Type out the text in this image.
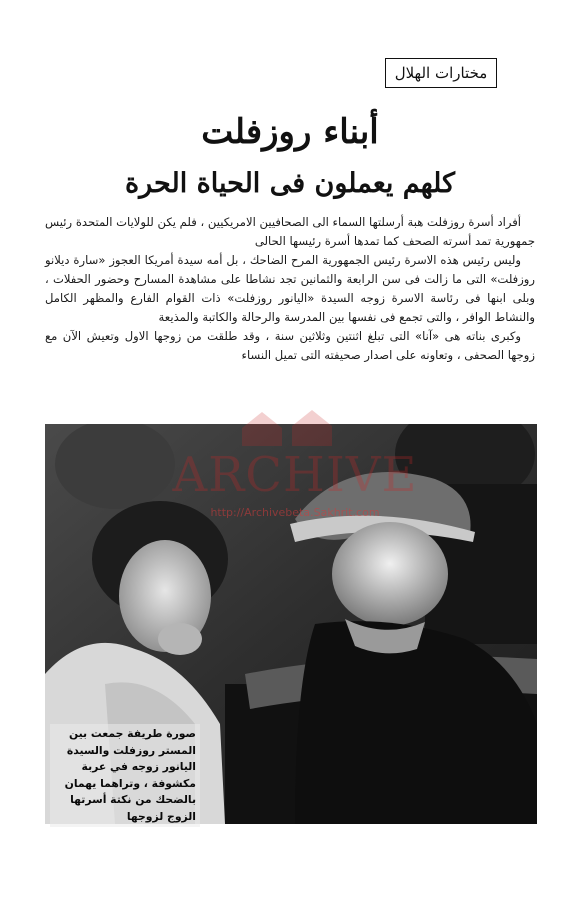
مختارات الهلال
أبناء روزفلت
كلهم يعملون فى الحياة الحرة

أفراد أسرة روزفلت هبة أرسلتها السماء الى الصحافيين الامريكيين ، فلم يكن للولايات المتحدة رئيس جمهورية تمد أسرته الصحف كما تمدها أسرة رئيسها الحالى

وليس رئيس هذه الاسرة رئيس الجمهورية المرح الضاحك ، بل أمه سيدة أمريكا العجوز «سارة ديلانو روزفلت» التى ما زالت فى سن الرابعة والثمانين تجد نشاطا على مشاهدة المسارح وحضور الحفلات ، وبلى ابنها فى رئاسة الاسرة زوجه السيدة «اليانور روزفلت» ذات القوام الفارع والمظهر الكامل والنشاط الوافر ، والتى تجمع فى نفسها بين المدرسة والرحالة والكاتبة والمذيعة

وكبرى بناته هى «آنا» التى تبلغ اثنتين وثلاثين سنة ، وقد طلقت من زوجها الاول وتعيش الآن مع زوجها الصحفى ، وتعاونه على اصدار صحيفته التى تميل النساء

صورة طريفة جمعت بين المستر روزفلت والسيدة اليانور زوجه في عربة مكشوفة ، وتراهما يهمان بالضحك من نكتة أسرتها الزوج لزوجها
ARCHIVE
http://Archivebeta.Sakhrit.com
